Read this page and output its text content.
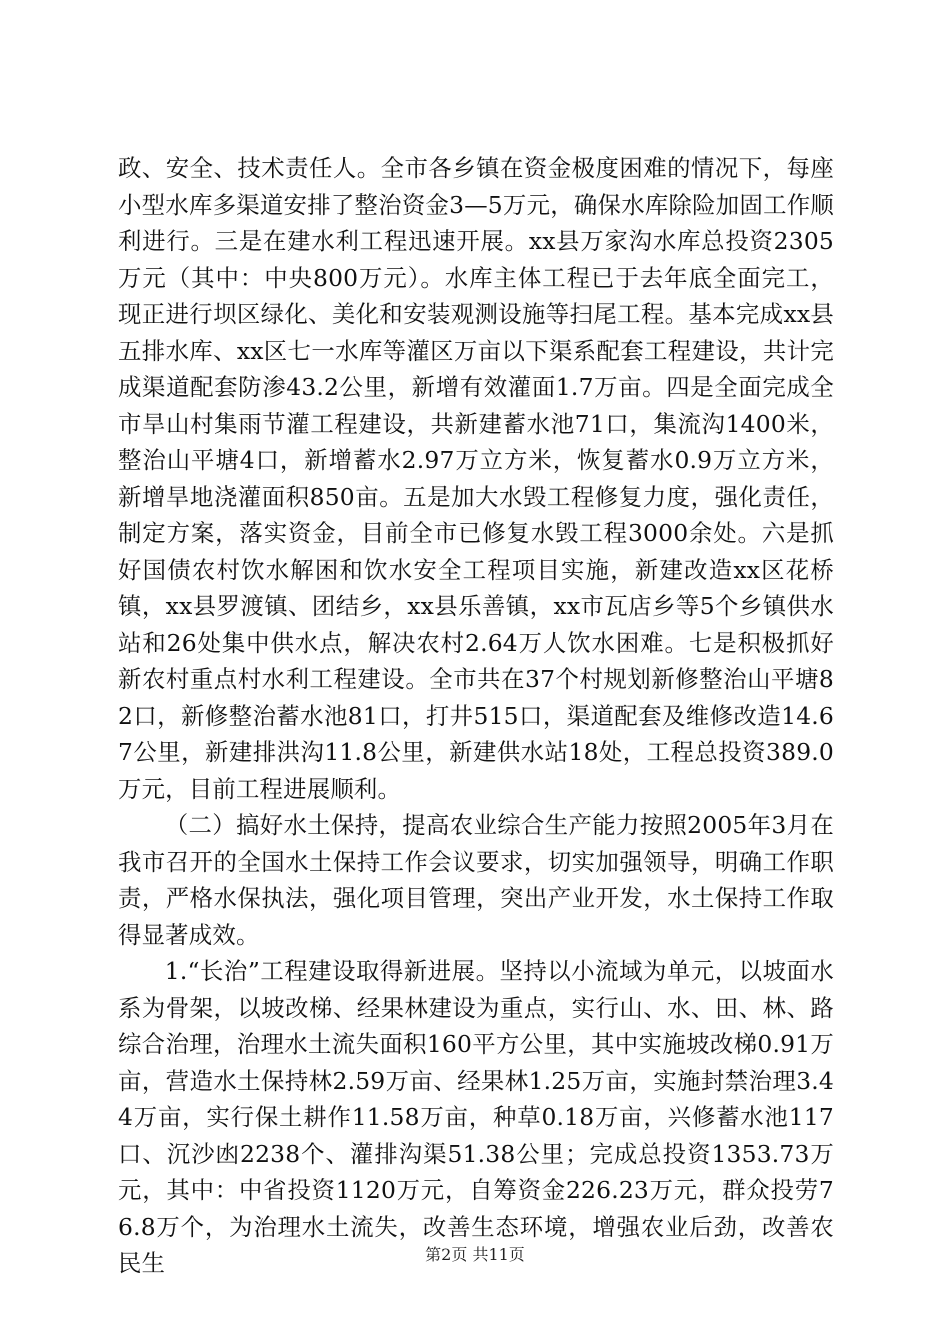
政、安全、技术责任人。全市各乡镇在资金极度困难的情况下，每座小型水库多渠道安排了整治资金3—5万元，确保水库除险加固工作顺利进行。三是在建水利工程迅速开展。xx县万家沟水库总投资2305万元（其中：中央800万元）。水库主体工程已于去年底全面完工，现正进行坝区绿化、美化和安装观测设施等扫尾工程。基本完成xx县五排水库、xx区七一水库等灌区万亩以下渠系配套工程建设，共计完成渠道配套防渗43.2公里，新增有效灌面1.7万亩。四是全面完成全市旱山村集雨节灌工程建设，共新建蓄水池71口，集流沟1400米，整治山平塘4口，新增蓄水2.97万立方米，恢复蓄水0.9万立方米，新增旱地浇灌面积850亩。五是加大水毁工程修复力度，强化责任，制定方案，落实资金，目前全市已修复水毁工程3000余处。六是抓好国债农村饮水解困和饮水安全工程项目实施，新建改造xx区花桥镇，xx县罗渡镇、团结乡，xx县乐善镇，xx市瓦店乡等5个乡镇供水站和26处集中供水点，解决农村2.64万人饮水困难。七是积极抓好新农村重点村水利工程建设。全市共在37个村规划新修整治山平塘82口，新修整治蓄水池81口，打井515口，渠道配套及维修改造14.67公里，新建排洪沟11.8公里，新建供水站18处，工程总投资389.0万元，目前工程进展顺利。

（二）搞好水土保持，提高农业综合生产能力按照2005年3月在我市召开的全国水土保持工作会议要求，切实加强领导，明确工作职责，严格水保执法，强化项目管理，突出产业开发，水土保持工作取得显著成效。

1.“长治”工程建设取得新进展。坚持以小流域为单元，以坡面水系为骨架，以坡改梯、经果林建设为重点，实行山、水、田、林、路综合治理，治理水土流失面积160平方公里，其中实施坡改梯0.91万亩，营造水土保持林2.59万亩、经果林1.25万亩，实施封禁治理3.44万亩，实行保土耕作11.58万亩，种草0.18万亩，兴修蓄水池117口、沉沙凼2238个、灌排沟渠51.38公里；完成总投资1353.73万元，其中：中省投资1120万元，自筹资金226.23万元，群众投劳76.8万个，为治理水土流失，改善生态环境，增强农业后劲，改善农民生	第2页 共11页
